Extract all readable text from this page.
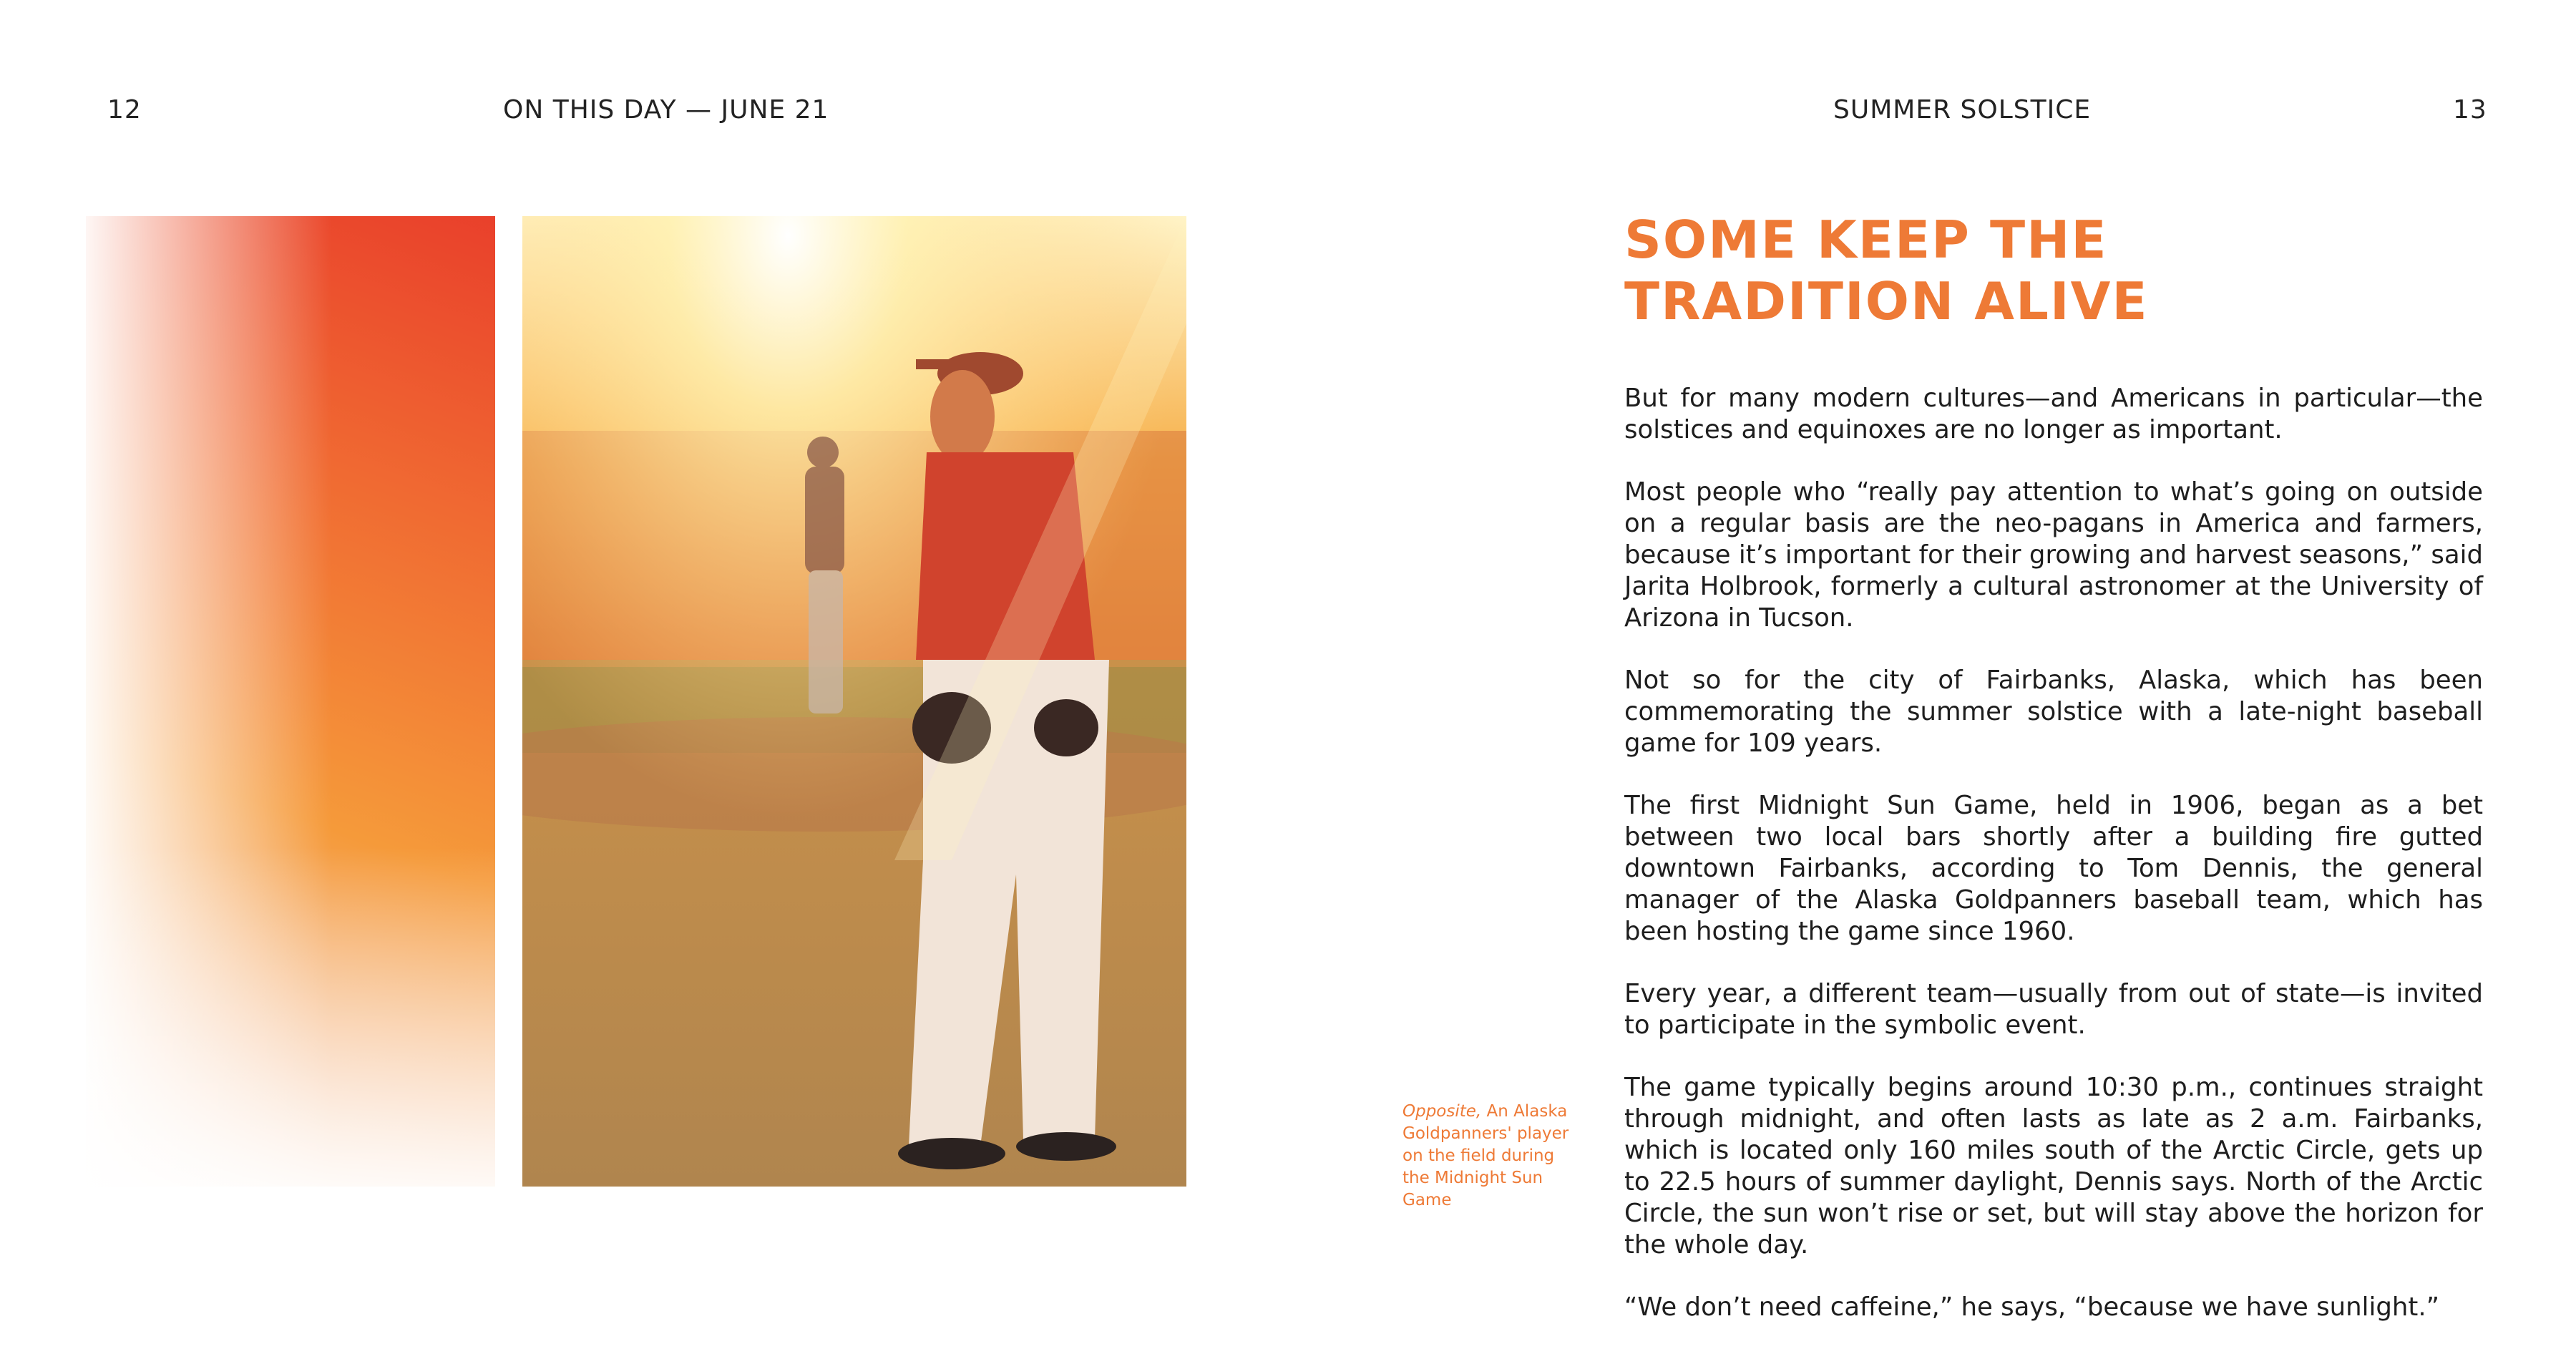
12	ON THIS DAY — JUNE 21	SUMMER SOLSTICE	13
Opposite, An Alaska Goldpanners' player on the field during the Midnight Sun Game
SOME KEEP THE
TRADITION ALIVE

But for many modern cultures—and Americans in particular—the solstices and equinoxes are no longer as important.

Most people who “really pay attention to what’s going on outside on a regular basis are the neo-pagans in America and farmers, because it’s important for their growing and harvest seasons,” said Jarita Holbrook, formerly a cultural astronomer at the University of Arizona in Tucson.

Not so for the city of Fairbanks, Alaska, which has been commemorating the summer solstice with a late-night baseball game for 109 years.

The first Midnight Sun Game, held in 1906, began as a bet between two local bars shortly after a building fire gutted downtown Fairbanks, according to Tom Dennis, the general manager of the Alaska Goldpanners baseball team, which has been hosting the game since 1960.

Every year, a different team—usually from out of state—is invited to participate in the symbolic event.

The game typically begins around 10:30 p.m., continues straight through midnight, and often lasts as late as 2 a.m. Fairbanks, which is located only 160 miles south of the Arctic Circle, gets up to 22.5 hours of summer daylight, Dennis says. North of the Arctic Circle, the sun won’t rise or set, but will stay above the horizon for the whole day.

“We don’t need caffeine,” he says, “because we have sunlight.”
